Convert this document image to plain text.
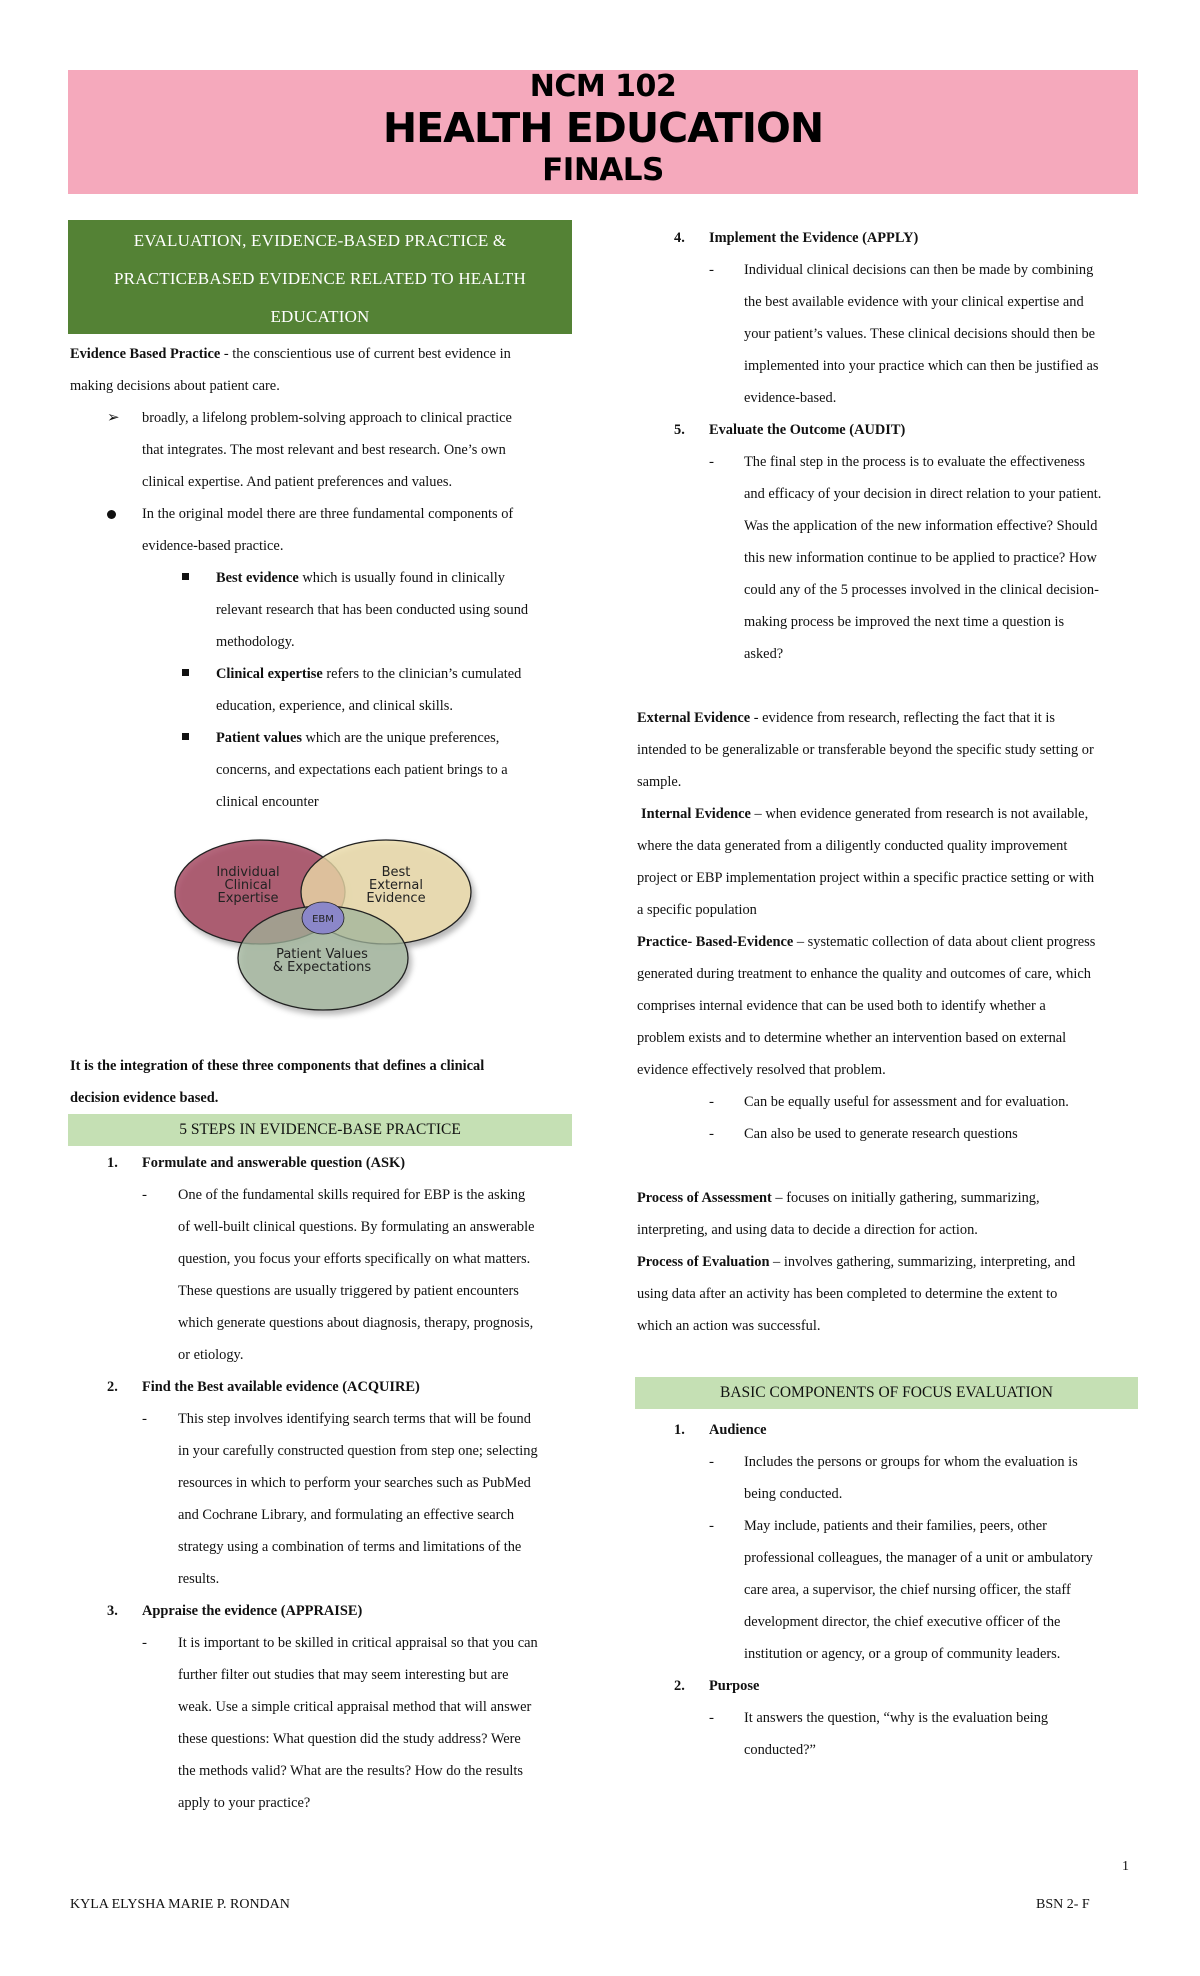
NCM 102
HEALTH EDUCATION
FINALS
EVALUATION, EVIDENCE-BASED PRACTICE &
PRACTICEBASED EVIDENCE RELATED TO HEALTH
EDUCATION
Evidence Based Practice - the conscientious use of current best evidence in
making decisions about patient care.
➢ broadly, a lifelong problem-solving approach to clinical practice
that integrates. The most relevant and best research. One’s own
clinical expertise. And patient preferences and values.
In the original model there are three fundamental components of
evidence-based practice.
Best evidence which is usually found in clinically
relevant research that has been conducted using sound
methodology.
Clinical expertise refers to the clinician’s cumulated
education, experience, and clinical skills.
Patient values which are the unique preferences,
concerns, and expectations each patient brings to a
clinical encounter
Individual
Clinical
Expertise
Best
External
Evidence
Patient Values
& Expectations
EBM
It is the integration of these three components that defines a clinical
decision evidence based.
5 STEPS IN EVIDENCE-BASE PRACTICE
1. Formulate and answerable question (ASK)
- One of the fundamental skills required for EBP is the asking
of well-built clinical questions. By formulating an answerable
question, you focus your efforts specifically on what matters.
These questions are usually triggered by patient encounters
which generate questions about diagnosis, therapy, prognosis,
or etiology.
2. Find the Best available evidence (ACQUIRE)
- This step involves identifying search terms that will be found
in your carefully constructed question from step one; selecting
resources in which to perform your searches such as PubMed
and Cochrane Library, and formulating an effective search
strategy using a combination of terms and limitations of the
results.
3. Appraise the evidence (APPRAISE)
- It is important to be skilled in critical appraisal so that you can
further filter out studies that may seem interesting but are
weak. Use a simple critical appraisal method that will answer
these questions: What question did the study address? Were
the methods valid? What are the results? How do the results
apply to your practice?
4. Implement the Evidence (APPLY)
- Individual clinical decisions can then be made by combining
the best available evidence with your clinical expertise and
your patient’s values. These clinical decisions should then be
implemented into your practice which can then be justified as
evidence-based.
5. Evaluate the Outcome (AUDIT)
- The final step in the process is to evaluate the effectiveness
and efficacy of your decision in direct relation to your patient.
Was the application of the new information effective? Should
this new information continue to be applied to practice? How
could any of the 5 processes involved in the clinical decision-
making process be improved the next time a question is
asked?
External Evidence - evidence from research, reflecting the fact that it is
intended to be generalizable or transferable beyond the specific study setting or
sample.
Internal Evidence – when evidence generated from research is not available,
where the data generated from a diligently conducted quality improvement
project or EBP implementation project within a specific practice setting or with
a specific population
Practice- Based-Evidence – systematic collection of data about client progress
generated during treatment to enhance the quality and outcomes of care, which
comprises internal evidence that can be used both to identify whether a
problem exists and to determine whether an intervention based on external
evidence effectively resolved that problem.
- Can be equally useful for assessment and for evaluation.
- Can also be used to generate research questions
Process of Assessment – focuses on initially gathering, summarizing,
interpreting, and using data to decide a direction for action.
Process of Evaluation – involves gathering, summarizing, interpreting, and
using data after an activity has been completed to determine the extent to
which an action was successful.
BASIC COMPONENTS OF FOCUS EVALUATION
1. Audience
- Includes the persons or groups for whom the evaluation is
being conducted.
- May include, patients and their families, peers, other
professional colleagues, the manager of a unit or ambulatory
care area, a supervisor, the chief nursing officer, the staff
development director, the chief executive officer of the
institution or agency, or a group of community leaders.
2. Purpose
- It answers the question, “why is the evaluation being
conducted?”
1
KYLA ELYSHA MARIE P. RONDAN	BSN 2- F
